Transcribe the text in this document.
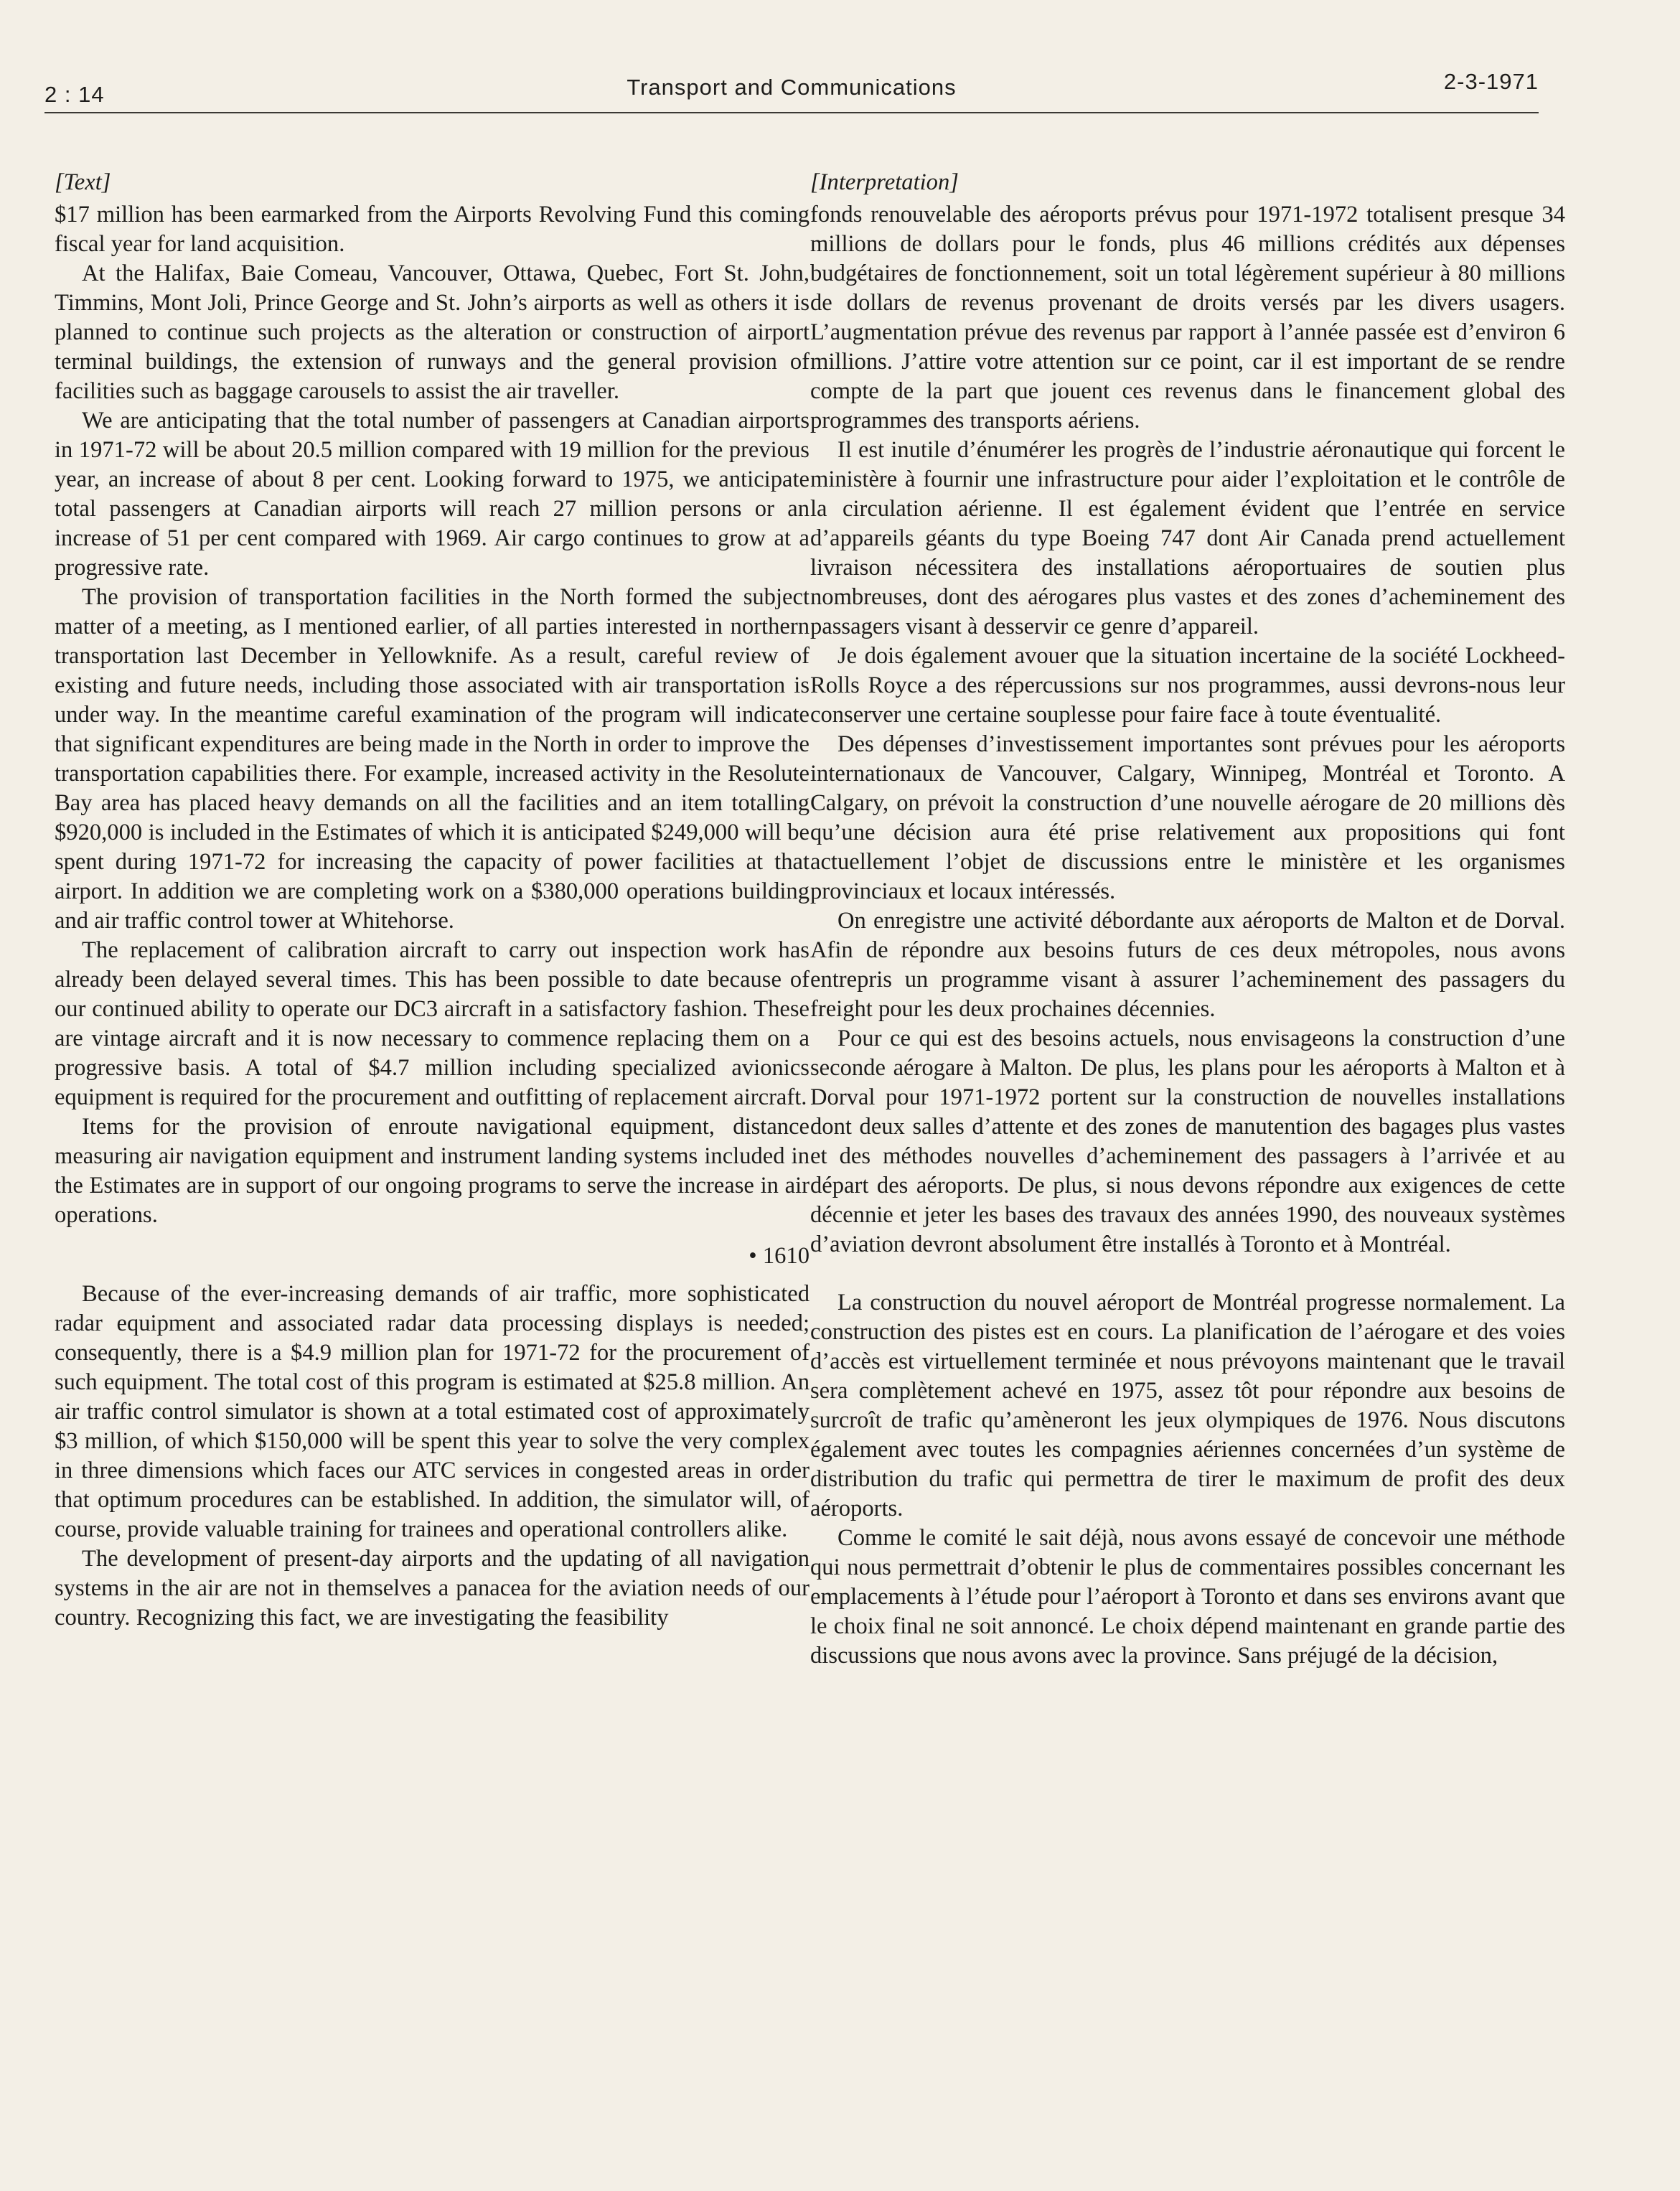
2 : 14	Transport and Communications	2-3-1971
[Text]

$17 million has been earmarked from the Airports Revolving Fund this coming fiscal year for land acquisition.

At the Halifax, Baie Comeau, Vancouver, Ottawa, Quebec, Fort St. John, Timmins, Mont Joli, Prince George and St. John’s airports as well as others it is planned to continue such projects as the alteration or construction of airport terminal buildings, the extension of runways and the general provision of facilities such as baggage carousels to assist the air traveller.

We are anticipating that the total number of passengers at Canadian airports in 1971-72 will be about 20.5 million compared with 19 million for the previous year, an increase of about 8 per cent. Looking forward to 1975, we anticipate total passengers at Canadian airports will reach 27 million persons or an increase of 51 per cent compared with 1969. Air cargo continues to grow at a progressive rate.

The provision of transportation facilities in the North formed the subject matter of a meeting, as I mentioned earlier, of all parties interested in northern transportation last December in Yellowknife. As a result, careful review of existing and future needs, including those associated with air transportation is under way. In the meantime careful examination of the program will indicate that significant expenditures are being made in the North in order to improve the transportation capabilities there. For example, increased activity in the Resolute Bay area has placed heavy demands on all the facilities and an item totalling $920,000 is included in the Estimates of which it is anticipated $249,000 will be spent during 1971-72 for increasing the capacity of power facilities at that airport. In addition we are completing work on a $380,000 operations building and air traffic control tower at Whitehorse.

The replacement of calibration aircraft to carry out inspection work has already been delayed several times. This has been possible to date because of our continued ability to operate our DC3 aircraft in a satisfactory fashion. These are vintage aircraft and it is now necessary to commence replacing them on a progressive basis. A total of $4.7 million including specialized avionics equipment is required for the procurement and outfitting of replacement aircraft.

Items for the provision of enroute navigational equipment, distance measuring air navigation equipment and instrument landing systems included in the Estimates are in support of our ongoing programs to serve the increase in air operations.

• 1610

Because of the ever-increasing demands of air traffic, more sophisticated radar equipment and associated radar data processing displays is needed; consequently, there is a $4.9 million plan for 1971-72 for the procurement of such equipment. The total cost of this program is estimated at $25.8 million. An air traffic control simulator is shown at a total estimated cost of approximately $3 million, of which $150,000 will be spent this year to solve the very complex in three dimensions which faces our ATC services in congested areas in order that optimum procedures can be established. In addition, the simulator will, of course, provide valuable training for trainees and operational controllers alike.

The development of present-day airports and the updating of all navigation systems in the air are not in themselves a panacea for the aviation needs of our country. Recognizing this fact, we are investigating the feasibility

[Interpretation]

fonds renouvelable des aéroports prévus pour 1971-1972 totalisent presque 34 millions de dollars pour le fonds, plus 46 millions crédités aux dépenses budgétaires de fonctionnement, soit un total légèrement supérieur à 80 millions de dollars de revenus provenant de droits versés par les divers usagers. L’augmentation prévue des revenus par rapport à l’année passée est d’environ 6 millions. J’attire votre attention sur ce point, car il est important de se rendre compte de la part que jouent ces revenus dans le financement global des programmes des transports aériens.

Il est inutile d’énumérer les progrès de l’industrie aéronautique qui forcent le ministère à fournir une infrastructure pour aider l’exploitation et le contrôle de la circulation aérienne. Il est également évident que l’entrée en service d’appareils géants du type Boeing 747 dont Air Canada prend actuellement livraison nécessitera des installations aéroportuaires de soutien plus nombreuses, dont des aérogares plus vastes et des zones d’acheminement des passagers visant à desservir ce genre d’appareil.

Je dois également avouer que la situation incertaine de la société Lockheed-Rolls Royce a des répercussions sur nos programmes, aussi devrons-nous leur conserver une certaine souplesse pour faire face à toute éventualité.

Des dépenses d’investissement importantes sont prévues pour les aéroports internationaux de Vancouver, Calgary, Winnipeg, Montréal et Toronto. A Calgary, on prévoit la construction d’une nouvelle aérogare de 20 millions dès qu’une décision aura été prise relativement aux propositions qui font actuellement l’objet de discussions entre le ministère et les organismes provinciaux et locaux intéressés.

On enregistre une activité débordante aux aéroports de Malton et de Dorval. Afin de répondre aux besoins futurs de ces deux métropoles, nous avons entrepris un programme visant à assurer l’acheminement des passagers du freight pour les deux prochaines décennies.

Pour ce qui est des besoins actuels, nous envisageons la construction d’une seconde aérogare à Malton. De plus, les plans pour les aéroports à Malton et à Dorval pour 1971-1972 portent sur la construction de nouvelles installations dont deux salles d’attente et des zones de manutention des bagages plus vastes et des méthodes nouvelles d’acheminement des passagers à l’arrivée et au départ des aéroports. De plus, si nous devons répondre aux exigences de cette décennie et jeter les bases des travaux des années 1990, des nouveaux systèmes d’aviation devront absolument être installés à Toronto et à Montréal.

La construction du nouvel aéroport de Montréal progresse normalement. La construction des pistes est en cours. La planification de l’aérogare et des voies d’accès est virtuellement terminée et nous prévoyons maintenant que le travail sera complètement achevé en 1975, assez tôt pour répondre aux besoins de surcroît de trafic qu’amèneront les jeux olympiques de 1976. Nous discutons également avec toutes les compagnies aériennes concernées d’un système de distribution du trafic qui permettra de tirer le maximum de profit des deux aéroports.

Comme le comité le sait déjà, nous avons essayé de concevoir une méthode qui nous permettrait d’obtenir le plus de commentaires possibles concernant les emplacements à l’étude pour l’aéroport à Toronto et dans ses environs avant que le choix final ne soit annoncé. Le choix dépend maintenant en grande partie des discussions que nous avons avec la province. Sans préjugé de la décision,
